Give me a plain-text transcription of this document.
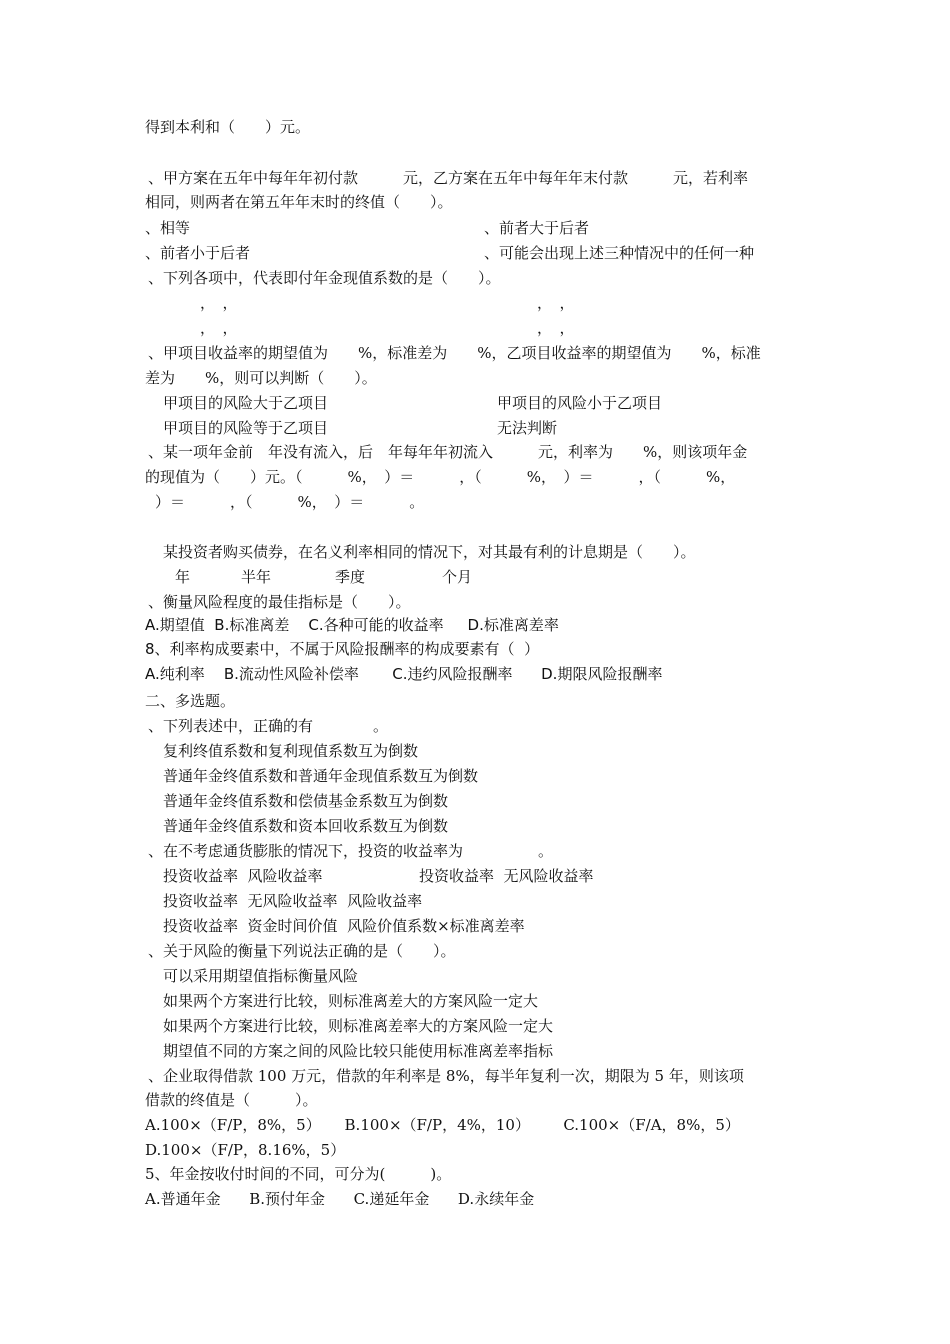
得到本利和（　　）元。
、甲方案在五年中每年年初付款　　　元，乙方案在五年中每年年末付款　　　元，若利率
相同，则两者在第五年年末时的终值（　　）。
、相等	、前者大于后者
、前者小于后者	、可能会出现上述三种情况中的任何一种
、下列各项中，代表即付年金现值系数的是（　　）。
，　，	，　，
，　，	，　，
、甲项目收益率的期望值为　　%，标准差为　　%，乙项目收益率的期望值为　　%，标准
差为　　%，则可以判断（　　）。
甲项目的风险大于乙项目	甲项目的风险小于乙项目
甲项目的风险等于乙项目	无法判断
、某一项年金前　年没有流入，后　年每年年初流入　　　元，利率为　　%，则该项年金
的现值为（　　）元。（　　　%，　）＝　　　，（　　　%，　）＝　　　，（　　　%，
）＝　　　，（　　　%，　）＝　　　。
某投资者购买债券，在名义利率相同的情况下，对其最有利的计息期是（　　）。
年	半年	季度	个月
、衡量风险程度的最佳指标是（　　）。
A.期望值  B.标准离差    C.各种可能的收益率     D.标准离差率
8、利率构成要素中，不属于风险报酬率的构成要素有（  ）
A.纯利率    B.流动性风险补偿率       C.违约风险报酬率      D.期限风险报酬率
二、多选题。
、下列表述中，正确的有　　　　。
复利终值系数和复利现值系数互为倒数
普通年金终值系数和普通年金现值系数互为倒数
普通年金终值系数和偿债基金系数互为倒数
普通年金终值系数和资本回收系数互为倒数
、在不考虑通货膨胀的情况下，投资的收益率为　　　　　。
投资收益率  风险收益率	投资收益率  无风险收益率
投资收益率  无风险收益率  风险收益率
投资收益率  资金时间价值  风险价值系数×标准离差率
、关于风险的衡量下列说法正确的是（　　）。
可以采用期望值指标衡量风险
如果两个方案进行比较，则标准离差大的方案风险一定大
如果两个方案进行比较，则标准离差率大的方案风险一定大
期望值不同的方案之间的风险比较只能使用标准离差率指标
、企业取得借款 100 万元，借款的年利率是 8%，每半年复利一次，期限为 5 年，则该项
借款的终值是（　　　）。
A.100×（F/P，8%，5）     B.100×（F/P，4%，10）       C.100×（F/A，8%，5）
D.100×（F/P，8.16%，5）
5、年金按收付时间的不同，可分为(　　　)。
A.普通年金      B.预付年金      C.递延年金      D.永续年金
